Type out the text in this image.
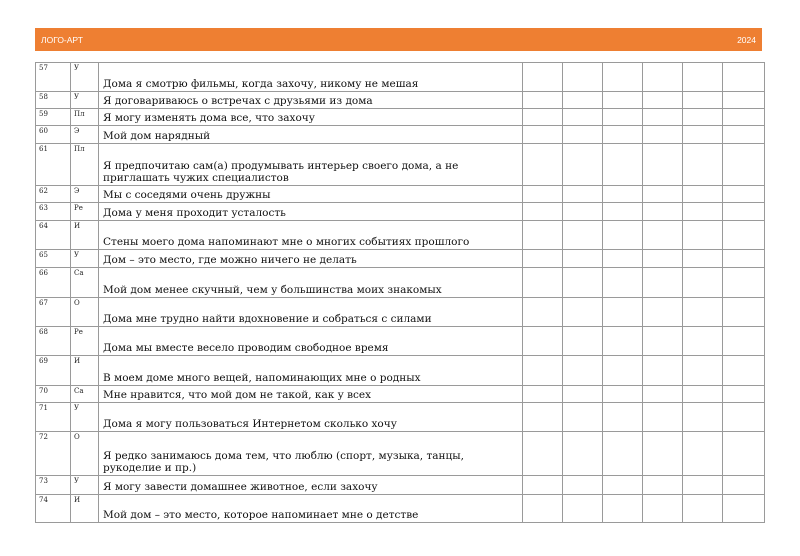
ЛОГО-АРТ	2024
57	У	Дома я смотрю фильмы, когда захочу, никому не мешая						
58	У	Я договариваюсь о встречах с друзьями из дома						
59	Пл	Я могу изменять дома все, что захочу						
60	Э	Мой дом нарядный						
61	Пл	Я предпочитаю сам(а) продумывать интерьер своего дома, а не приглашать чужих специалистов						
62	Э	Мы с соседями очень дружны						
63	Ре	Дома у меня проходит усталость						
64	И	Стены моего дома напоминают мне о многих событиях прошлого						
65	У	Дом – это место, где можно ничего не делать						
66	Са	Мой дом менее скучный, чем у большинства моих знакомых						
67	О	Дома мне трудно найти вдохновение и собраться с силами						
68	Ре	Дома мы вместе весело проводим свободное время						
69	И	В моем доме много вещей, напоминающих мне о родных						
70	Са	Мне нравится, что мой дом не такой, как у всех						
71	У	Дома я могу пользоваться Интернетом сколько хочу						
72	О	Я редко занимаюсь дома тем, что люблю (спорт, музыка, танцы, рукоделие и пр.)						
73	У	Я могу завести домашнее животное, если захочу						
74	И	Мой дом – это место, которое напоминает мне о детстве						
